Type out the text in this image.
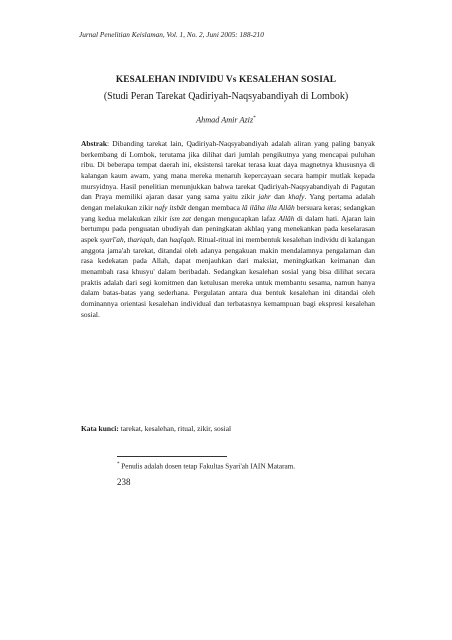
Jurnal Penelitian Keislaman, Vol. 1, No. 2, Juni 2005: 188-210
KESALEHAN INDIVIDU Vs KESALEHAN SOSIAL
(Studi Peran Tarekat Qadiriyah-Naqsyabandiyah di Lombok)
Ahmad Amir Aziz*
Abstrak: Dibanding tarekat lain, Qadiriyah-Naqsyabandiyah adalah aliran yang paling banyak berkembang di Lombok, terutama jika dilihat dari jumlah pengikutnya yang mencapai puluhan ribu. Di beberapa tempat daerah ini, eksistensi tarekat terasa kuat daya magnetnya khususnya di kalangan kaum awam, yang mana mereka menaruh kepercayaan secara hampir mutlak kepada mursyidnya. Hasil penelitian menunjukkan bahwa tarekat Qadiriyah-Naqsyabandiyah di Pagutan dan Praya memiliki ajaran dasar yang sama yaitu zikir jahr dan khafy. Yang pertama adalah dengan melakukan zikir nafy itsbât dengan membaca lâ ilâha illa Allâh bersuara keras; sedangkan yang kedua melakukan zikir ism zat dengan mengucapkan lafaz Allâh di dalam hati. Ajaran lain bertumpu pada penguatan ubudiyah dan peningkatan akhlaq yang menekankan pada keselarasan aspek syarî'ah, thariqah, dan haqîqah. Ritual-ritual ini membentuk kesalehan individu di kalangan anggota jama'ah tarekat, ditandai oleh adanya pengakuan makin mendalamnya pengalaman dan rasa kedekatan pada Allah, dapat menjauhkan dari maksiat, meningkatkan keimanan dan menambah rasa khusyu' dalam beribadah. Sedangkan kesalehan sosial yang bisa dilihat secara praktis adalah dari segi komitmen dan ketulusan mereka untuk membantu sesama, namun hanya dalam batas-batas yang sederhana. Pergulatan antara dua bentuk kesalehan ini ditandai oleh dominannya orientasi kesalehan individual dan terbatasnya kemampuan bagi ekspresi kesalehan sosial.
Kata kunci: tarekat, kesalehan, ritual, zikir, sosial
* Penulis adalah dosen tetap Fakultas Syari'ah IAIN Mataram.
238
